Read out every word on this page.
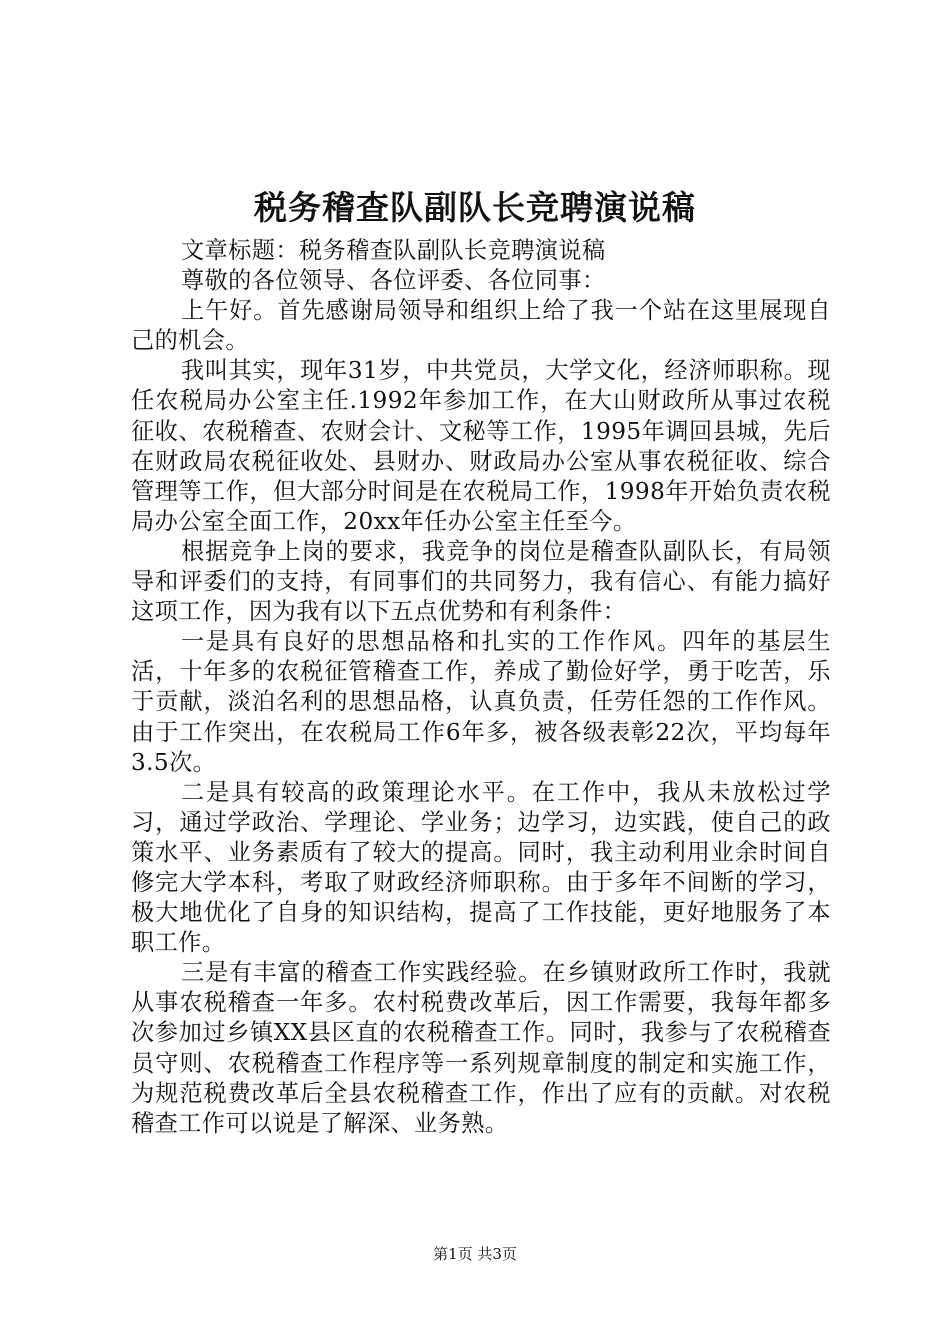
税务稽查队副队长竞聘演说稿

文章标题：税务稽查队副队长竞聘演说稿

尊敬的各位领导、各位评委、各位同事：

上午好。首先感谢局领导和组织上给了我一个站在这里展现自己的机会。

我叫其实，现年31岁，中共党员，大学文化，经济师职称。现任农税局办公室主任.1992年参加工作，在大山财政所从事过农税征收、农税稽查、农财会计、文秘等工作，1995年调回县城，先后在财政局农税征收处、县财办、财政局办公室从事农税征收、综合管理等工作，但大部分时间是在农税局工作，1998年开始负责农税局办公室全面工作，20xx年任办公室主任至今。

根据竞争上岗的要求，我竞争的岗位是稽查队副队长，有局领导和评委们的支持，有同事们的共同努力，我有信心、有能力搞好这项工作，因为我有以下五点优势和有利条件：

一是具有良好的思想品格和扎实的工作作风。四年的基层生活，十年多的农税征管稽查工作，养成了勤俭好学，勇于吃苦，乐于贡献，淡泊名利的思想品格，认真负责，任劳任怨的工作作风。由于工作突出，在农税局工作6年多，被各级表彰22次，平均每年3.5次。

二是具有较高的政策理论水平。在工作中，我从未放松过学习，通过学政治、学理论、学业务；边学习，边实践，使自己的政策水平、业务素质有了较大的提高。同时，我主动利用业余时间自修完大学本科，考取了财政经济师职称。由于多年不间断的学习，极大地优化了自身的知识结构，提高了工作技能，更好地服务了本职工作。

三是有丰富的稽查工作实践经验。在乡镇财政所工作时，我就从事农税稽查一年多。农村税费改革后，因工作需要，我每年都多次参加过乡镇XX县区直的农税稽查工作。同时，我参与了农税稽查员守则、农税稽查工作程序等一系列规章制度的制定和实施工作，为规范税费改革后全县农税稽查工作，作出了应有的贡献。对农税稽查工作可以说是了解深、业务熟。

第1页 共3页
